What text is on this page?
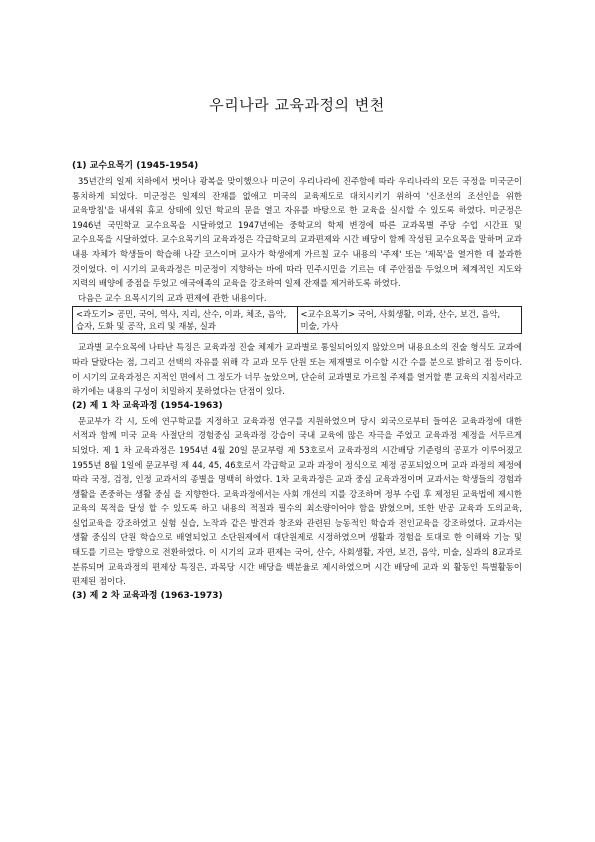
우리나라 교육과정의 변천
(1) 교수요목기 (1945-1954)

35년간의 일제 치하에서 벗어나 광복을 맞이했으나 미군이 우리나라에 진주함에 따라 우리나라의 모든 국정을 미국군이 통치하게 되었다. 미군정은 일제의 잔재를 없애고 미국의 교육제도로 대치시키기 위하여 '신조선의 조선인을 위한 교육방침'을 내세워 휴교 상태에 있던 학교의 문을 열고 자유를 바탕으로 한 교육을 실시할 수 있도록 하였다. 미군정은 1946년 국민학교 교수요목을 시달하였고 1947년에는 중학교의 학제 변경에 따른 교과목별 주당 수업 시간표 및 교수요목을 시달하였다. 교수요목기의 교육과정은 각급학교의 교과편제와 시간 배당이 함께 작성된 교수요목을 말하며 교과 내용 자체가 학생들이 학습해 나갈 코스이며 교사가 학생에게 가르칠 교수 내용의 '주제' 또는 '제목'을 열거한 데 불과한 것이었다. 이 시기의 교육과정은 미군정이 지향하는 바에 따라 민주시민을 기르는 데 주안점을 두었으며 체계적인 지도와 지력의 배양에 중점을 두었고 애국애족의 교육을 강조하여 일제 잔재를 제거하도록 하였다.

다음은 교수 요목시기의 교과 편제에 관한 내용이다.

<과도기> 공민, 국어, 역사, 지리, 산수, 이과, 체조, 음악, 습자, 도화 및 공작, 요리 및 재봉, 실과	<교수요목기> 국어, 사회생활, 이과, 산수, 보건, 음악, 미술, 가사

교과별 교수요목에 나타난 특징은 교육과정 진술 체제가 교과별로 통일되어있지 않았으며 내용요소의 진술 형식도 교과에 따라 달랐다는 점, 그리고 선택의 자유를 위해 각 교과 모두 단원 또는 제재별로 이수할 시간 수를 분으로 밝히고 점 등이다. 이 시기의 교육과정은 지적인 면에서 그 정도가 너무 높았으며, 단순히 교과별로 가르칠 주제를 열거할 뿐 교육의 지침서라고 하기에는 내용의 구성이 치밀하지 못하였다는 단점이 있다.

(2) 제 1 차 교육과정 (1954-1963)

문교부가 각 시, 도에 연구학교를 지정하고 교육과정 연구를 지원하였으며 당시 외국으로부터 들여온 교육과정에 대한 서적과 함께 미국 교육 사절단의 경험중심 교육과정 강습이 국내 교육에 많은 자극을 주었고 교육과정 제정을 서두르게 되었다. 제 1 차 교육과정은 1954년 4월 20일 문교부령 제 53호로서 교육과정의 시간배당 기준령의 공포가 이루어졌고 1955년 8월 1일에 문교부령 제 44, 45, 46호로서 각급학교 교과 과정이 정식으로 제정 공포되었으며 교과 과정의 제정에 따라 국정, 검정, 인정 교과서의 종별을 명백히 하였다. 1차 교육과정은 교과 중심 교육과정이며 교과서는 학생들의 경험과 생활을 존중하는 생활 중심 을 지향한다. 교육과정에서는 사회 개선의 지를 강조하며 정부 수립 후 제정된 교육법에 제시한 교육의 목적을 달성 할 수 있도록 하고 내용의 적절과 필수의 최소량이어야 함을 밝혔으며, 또한 반공 교육과 도의교육, 실업교육을 강조하였고 실험 실습, 노작과 같은 발견과 창조와 관련된 능동적인 학습과 전인교육을 강조하였다. 교과서는 생활 중심의 단원 학습으로 배열되었고 소단원제에서 대단원제로 시정하였으며 생활과 경험을 토대로 한 이해와 기능 및 태도를 기르는 방향으로 전환하였다. 이 시기의 교과 편제는 국어, 산수, 사회생활, 자연, 보건, 음악, 미술, 실과의 8교과로 분류되며 교육과정의 편제상 특징은, 과목당 시간 배당을 백분율로 제시하였으며 시간 배당에 교과 외 활동인 특별활동이 편제된 점이다.

(3) 제 2 차 교육과정 (1963-1973)
